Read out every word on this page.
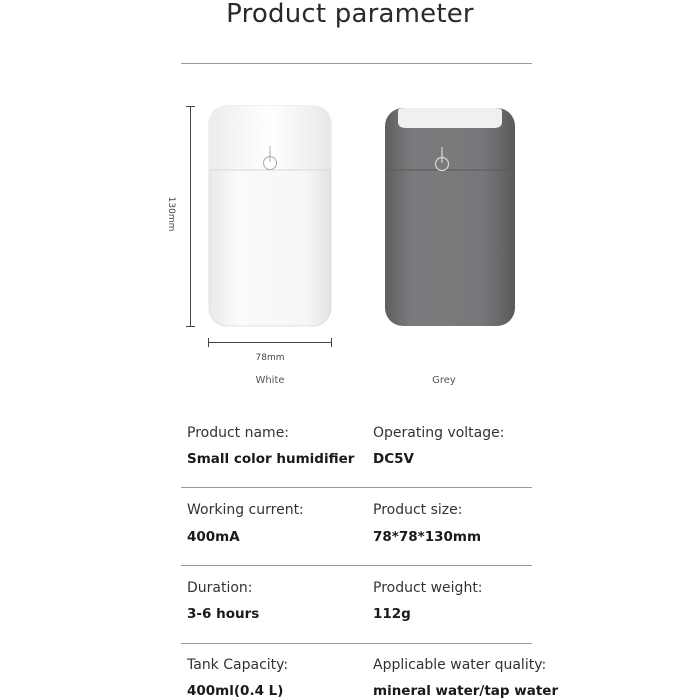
Product parameter
130mm
78mm
White	Grey
Product name:
Small color humidifier
Operating voltage:
DC5V
Working current:
400mA
Product size:
78*78*130mm
Duration:
3-6 hours
Product weight:
112g
Tank Capacity:
400ml(0.4 L)
Applicable water quality:
mineral water/tap water
